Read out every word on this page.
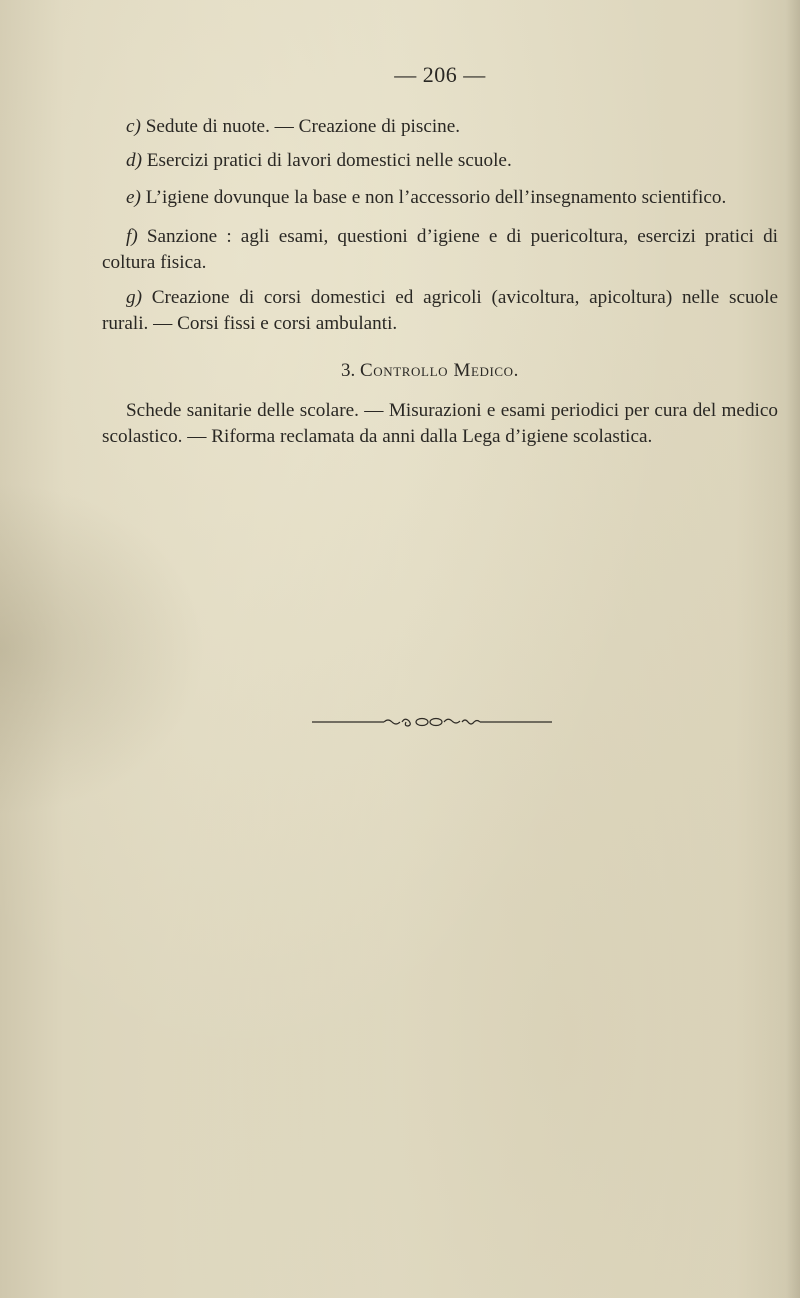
— 206 —

c) Sedute di nuote. — Creazione di piscine.

d) Esercizi pratici di lavori domestici nelle scuole.

e) L’igiene dovunque la base e non l’accessorio dell’insegnamento scientifico.

f) Sanzione : agli esami, questioni d’igiene e di puericoltura, esercizi pratici di coltura fisica.

g) Creazione di corsi domestici ed agricoli (avicoltura, apicoltura) nelle scuole rurali. — Corsi fissi e corsi ambulanti.

3. Controllo Medico.

Schede sanitarie delle scolare. — Misurazioni e esami periodici per cura del medico scolastico. — Riforma reclamata da anni dalla Lega d’igiene scolastica.
